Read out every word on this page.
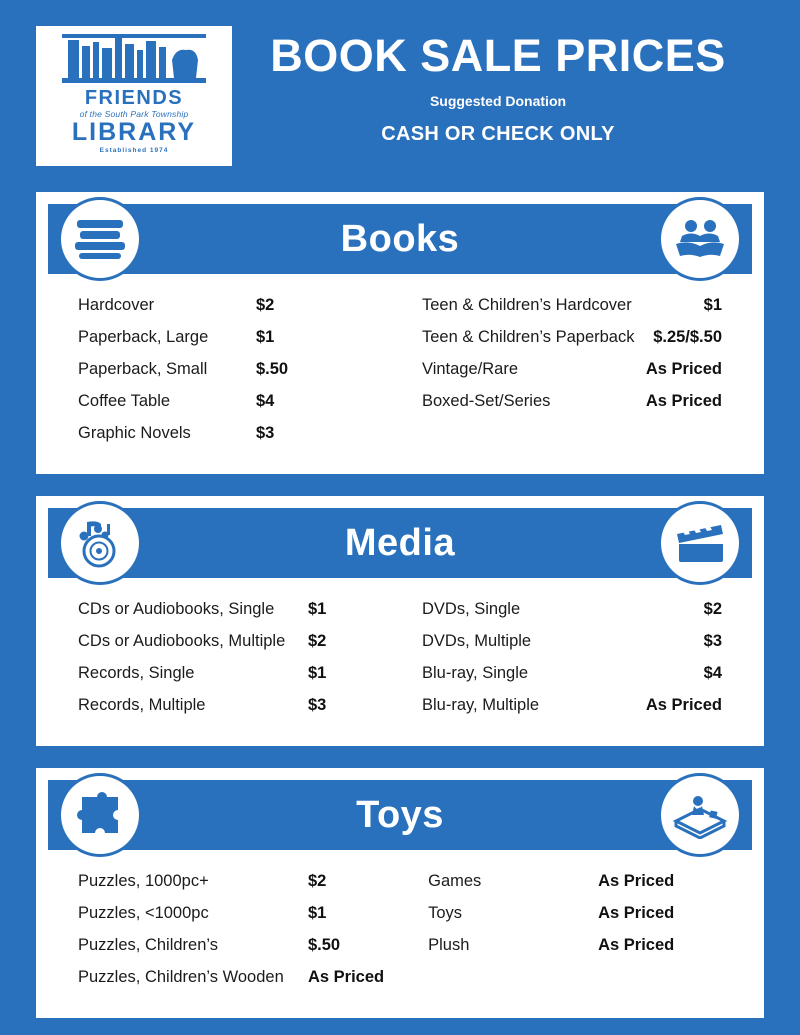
FRIENDS
of the South Park Township
LIBRARY
Established 1974
BOOK SALE PRICES
Suggested Donation
CASH OR CHECK ONLY
Books
Hardcover	$2
Paperback, Large	$1
Paperback, Small	$.50
Coffee Table	$4
Graphic Novels	$3
Teen & Children’s Hardcover	$1
Teen & Children’s Paperback $.25/$.50
Vintage/Rare	As Priced
Boxed-Set/Series	As Priced
Media
CDs or Audiobooks, Single	$1
CDs or Audiobooks, Multiple	$2
Records, Single	$1
Records, Multiple	$3
DVDs, Single	$2
DVDs, Multiple	$3
Blu-ray, Single	$4
Blu-ray, Multiple	As Priced
Toys
Puzzles, 1000pc+	$2
Puzzles, <1000pc	$1
Puzzles, Children’s	$.50
Puzzles, Children’s Wooden	As Priced
Games	As Priced
Toys	As Priced
Plush	As Priced
